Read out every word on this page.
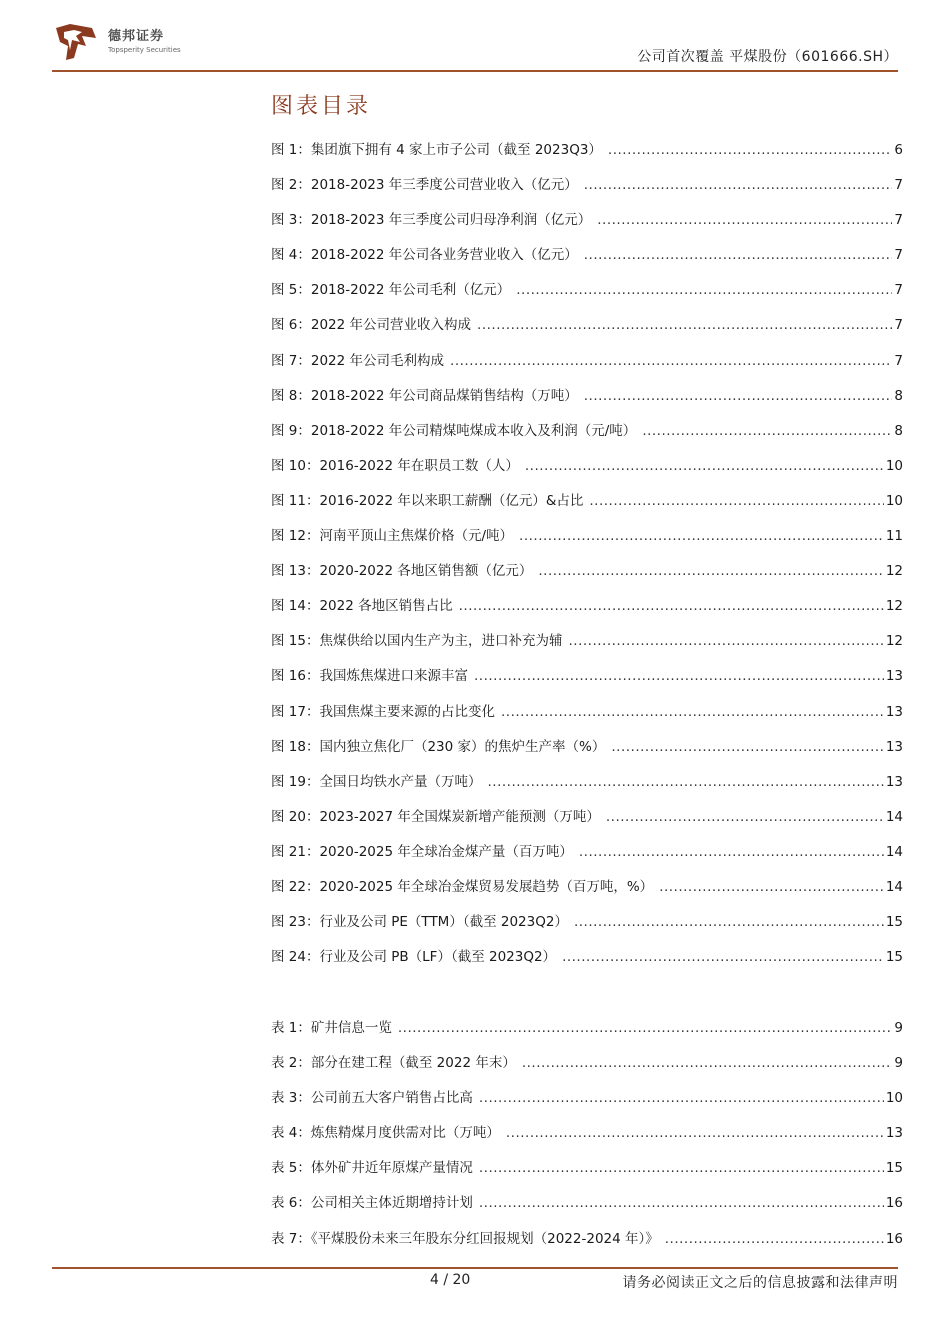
德邦证券
Topsperity Securities	公司首次覆盖 平煤股份（601666.SH）
图表目录
图 1：集团旗下拥有 4 家上市子公司（截至 2023Q3） .....	6
图 2：2018-2023 年三季度公司营业收入（亿元） .....	7
图 3：2018-2023 年三季度公司归母净利润（亿元） .....	7
图 4：2018-2022 年公司各业务营业收入（亿元） .....	7
图 5：2018-2022 年公司毛利（亿元） .....	7
图 6：2022 年公司营业收入构成 .....	7
图 7：2022 年公司毛利构成 .....	7
图 8：2018-2022 年公司商品煤销售结构（万吨） .....	8
图 9：2018-2022 年公司精煤吨煤成本收入及利润（元/吨） .....	8
图 10：2016-2022 年在职员工数（人） .....	10
图 11：2016-2022 年以来职工薪酬（亿元）&占比 .....	10
图 12：河南平顶山主焦煤价格（元/吨） .....	11
图 13：2020-2022 各地区销售额（亿元） .....	12
图 14：2022 各地区销售占比 .....	12
图 15：焦煤供给以国内生产为主，进口补充为辅 .....	12
图 16：我国炼焦煤进口来源丰富 .....	13
图 17：我国焦煤主要来源的占比变化 .....	13
图 18：国内独立焦化厂（230 家）的焦炉生产率（%） .....	13
图 19：全国日均铁水产量（万吨） .....	13
图 20：2023-2027 年全国煤炭新增产能预测（万吨） .....	14
图 21：2020-2025 年全球冶金煤产量（百万吨） .....	14
图 22：2020-2025 年全球冶金煤贸易发展趋势（百万吨，%） .....	14
图 23：行业及公司 PE（TTM）（截至 2023Q2） .....	15
图 24：行业及公司 PB（LF）（截至 2023Q2） .....	15
表 1：矿井信息一览 .....	9
表 2：部分在建工程（截至 2022 年末） .....	9
表 3：公司前五大客户销售占比高 .....	10
表 4：炼焦精煤月度供需对比（万吨） .....	13
表 5：体外矿井近年原煤产量情况 .....	15
表 6：公司相关主体近期增持计划 .....	16
表 7：《平煤股份未来三年股东分红回报规划（2022-2024 年）》 .....	16
4 / 20	请务必阅读正文之后的信息披露和法律声明
